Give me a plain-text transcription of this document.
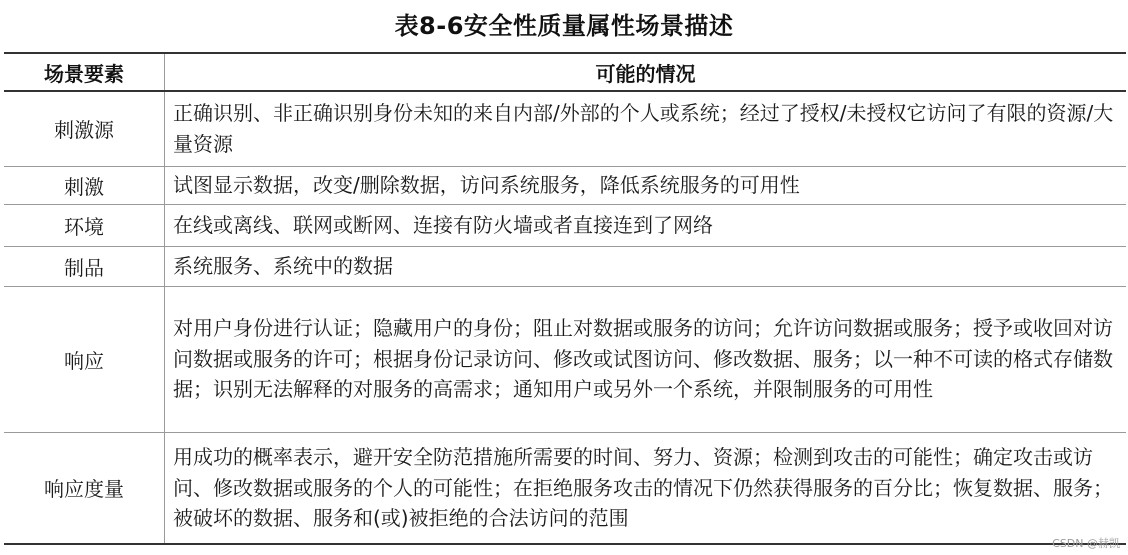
表8-6安全性质量属性场景描述
场景要素	可能的情况
刺激源	正确识别、非正确识别身份未知的来自内部/外部的个人或系统；经过了授权/未授权它访问了有限的资源/大量资源
刺激	试图显示数据，改变/删除数据，访问系统服务，降低系统服务的可用性
环境	在线或离线、联网或断网、连接有防火墙或者直接连到了网络
制品	系统服务、系统中的数据
响应	对用户身份进行认证；隐藏用户的身份；阻止对数据或服务的访问；允许访问数据或服务；授予或收回对访问数据或服务的许可；根据身份记录访问、修改或试图访问、修改数据、服务；以一种不可读的格式存储数据；识别无法解释的对服务的高需求；通知用户或另外一个系统，并限制服务的可用性
响应度量	用成功的概率表示，避开安全防范措施所需要的时间、努力、资源；检测到攻击的可能性；确定攻击或访问、修改数据或服务的个人的可能性；在拒绝服务攻击的情况下仍然获得服务的百分比；恢复数据、服务；被破坏的数据、服务和(或)被拒绝的合法访问的范围
CSDN @赫凯
